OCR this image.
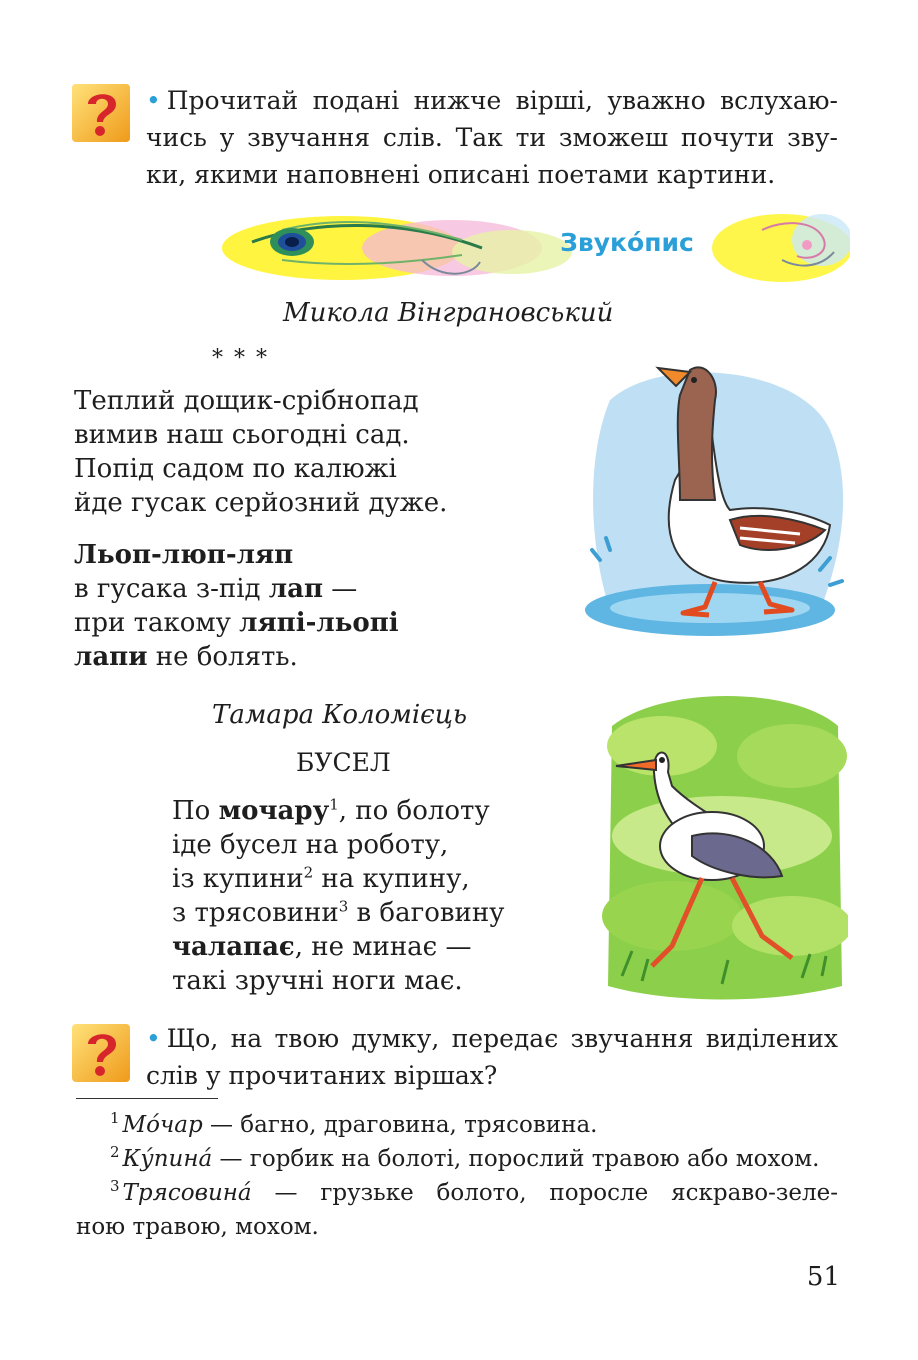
• Прочитай подані нижче вірші, уважно вслухаю-
чись у звучання слів. Так ти зможеш почути зву-
ки, якими наповнені описані поетами картини.
Звуко́пис
Микола Вінграновський
* * *
Теплий дощик-срібнопад
вимив наш сьогодні сад.
Попід садом по калюжі
йде гусак серйозний дуже.
Льоп-люп-ляп
в гусака з-під лап —
при такому ляпі-льопі
лапи не болять.
Тамара Коломієць
БУСЕЛ
По мочару$^1$, по болоту
іде бусел на роботу,
із купини$^2$ на купину,
з трясовини$^3$ в баговину
чалапає, не минає —
такі зручні ноги має.
• Що, на твою думку, передає звучання виділених
слів у прочитаних віршах?
$^1$ Мо́чар — багно, драговина, трясовина.
$^2$ Ку́пина́ — горбик на болоті, порослий травою або мохом.
$^3$ Трясовина́ — грузьке болото, поросле яскраво-зеле-
ною травою, мохом.
51
